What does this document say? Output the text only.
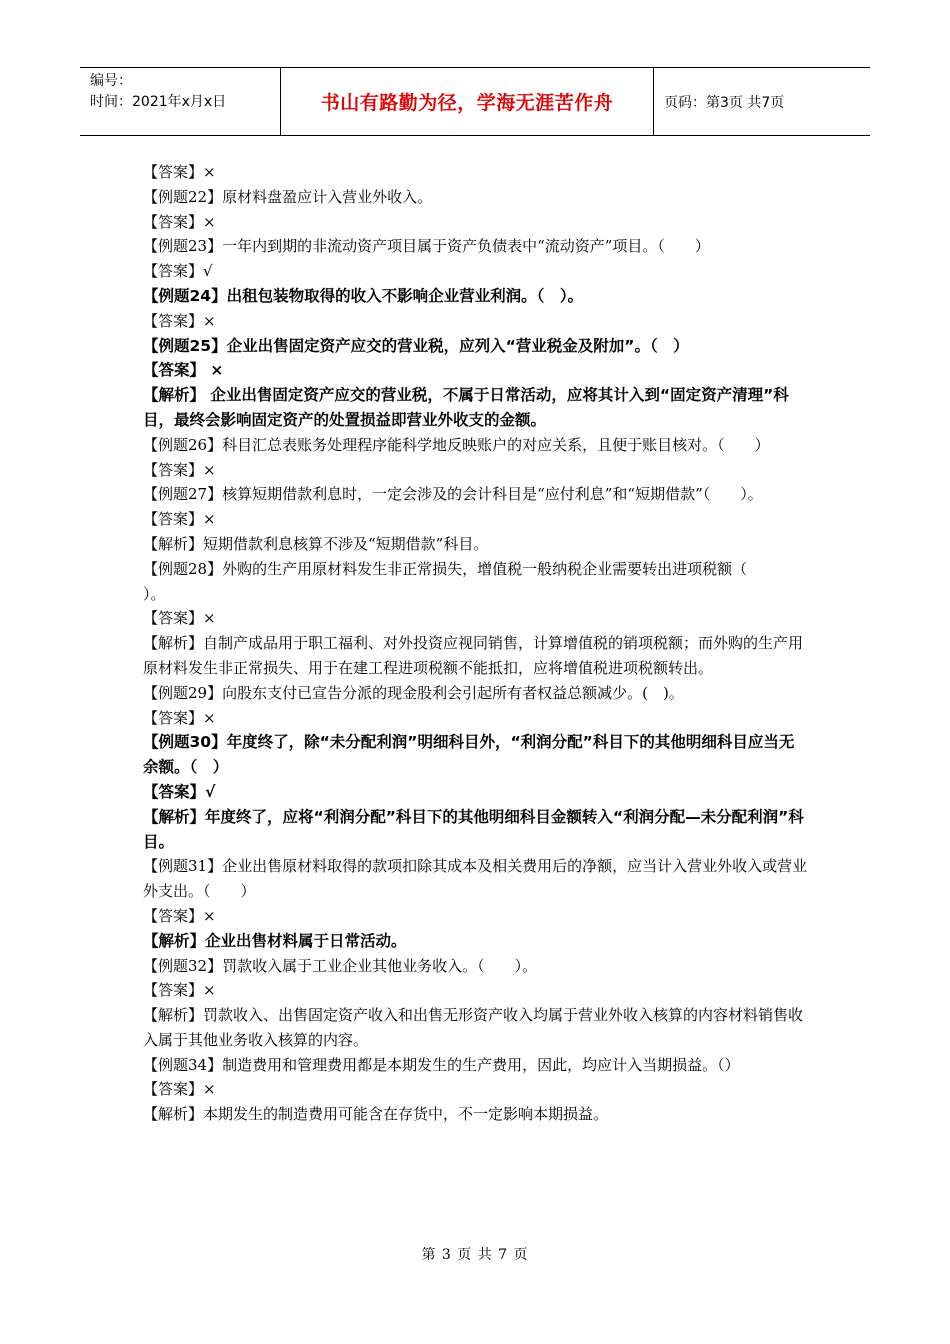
编号：
时间：2021年x月x日	书山有路勤为径，学海无涯苦作舟	页码：第3页 共7页

【答案】×

【例题22】原材料盘盈应计入营业外收入。

【答案】×

【例题23】一年内到期的非流动资产项目属于资产负债表中“流动资产”项目。（　　）

【答案】√

【例题24】出租包装物取得的收入不影响企业营业利润。（　）。

【答案】×

【例题25】企业出售固定资产应交的营业税，应列入“营业税金及附加”。（　）

【答案】 ×

【解析】 企业出售固定资产应交的营业税，不属于日常活动，应将其计入到“固定资产清理”科目，最终会影响固定资产的处置损益即营业外收支的金额。

【例题26】科目汇总表账务处理程序能科学地反映账户的对应关系，且便于账目核对。（　　）

【答案】×

【例题27】核算短期借款利息时，一定会涉及的会计科目是“应付利息”和“短期借款”（　　）。

【答案】×

【解析】短期借款利息核算不涉及“短期借款”科目。

【例题28】外购的生产用原材料发生非正常损失，增值税一般纳税企业需要转出进项税额（　　　）。

【答案】×

【解析】自制产成品用于职工福利、对外投资应视同销售，计算增值税的销项税额；而外购的生产用原材料发生非正常损失、用于在建工程进项税额不能抵扣，应将增值税进项税额转出。

【例题29】向股东支付已宣告分派的现金股利会引起所有者权益总额减少。(　)。

【答案】×

【例题30】年度终了，除“未分配利润”明细科目外，“利润分配”科目下的其他明细科目应当无余额。（　）

【答案】√

【解析】年度终了，应将“利润分配”科目下的其他明细科目金额转入“利润分配—未分配利润”科目。

【例题31】企业出售原材料取得的款项扣除其成本及相关费用后的净额，应当计入营业外收入或营业外支出。（　　）

【答案】×

【解析】企业出售材料属于日常活动。

【例题32】罚款收入属于工业企业其他业务收入。（　　）。

【答案】×

【解析】罚款收入、出售固定资产收入和出售无形资产收入均属于营业外收入核算的内容材料销售收入属于其他业务收入核算的内容。

【例题34】制造费用和管理费用都是本期发生的生产费用，因此，均应计入当期损益。（）

【答案】×

【解析】本期发生的制造费用可能含在存货中，不一定影响本期损益。

第 3 页 共 7 页
